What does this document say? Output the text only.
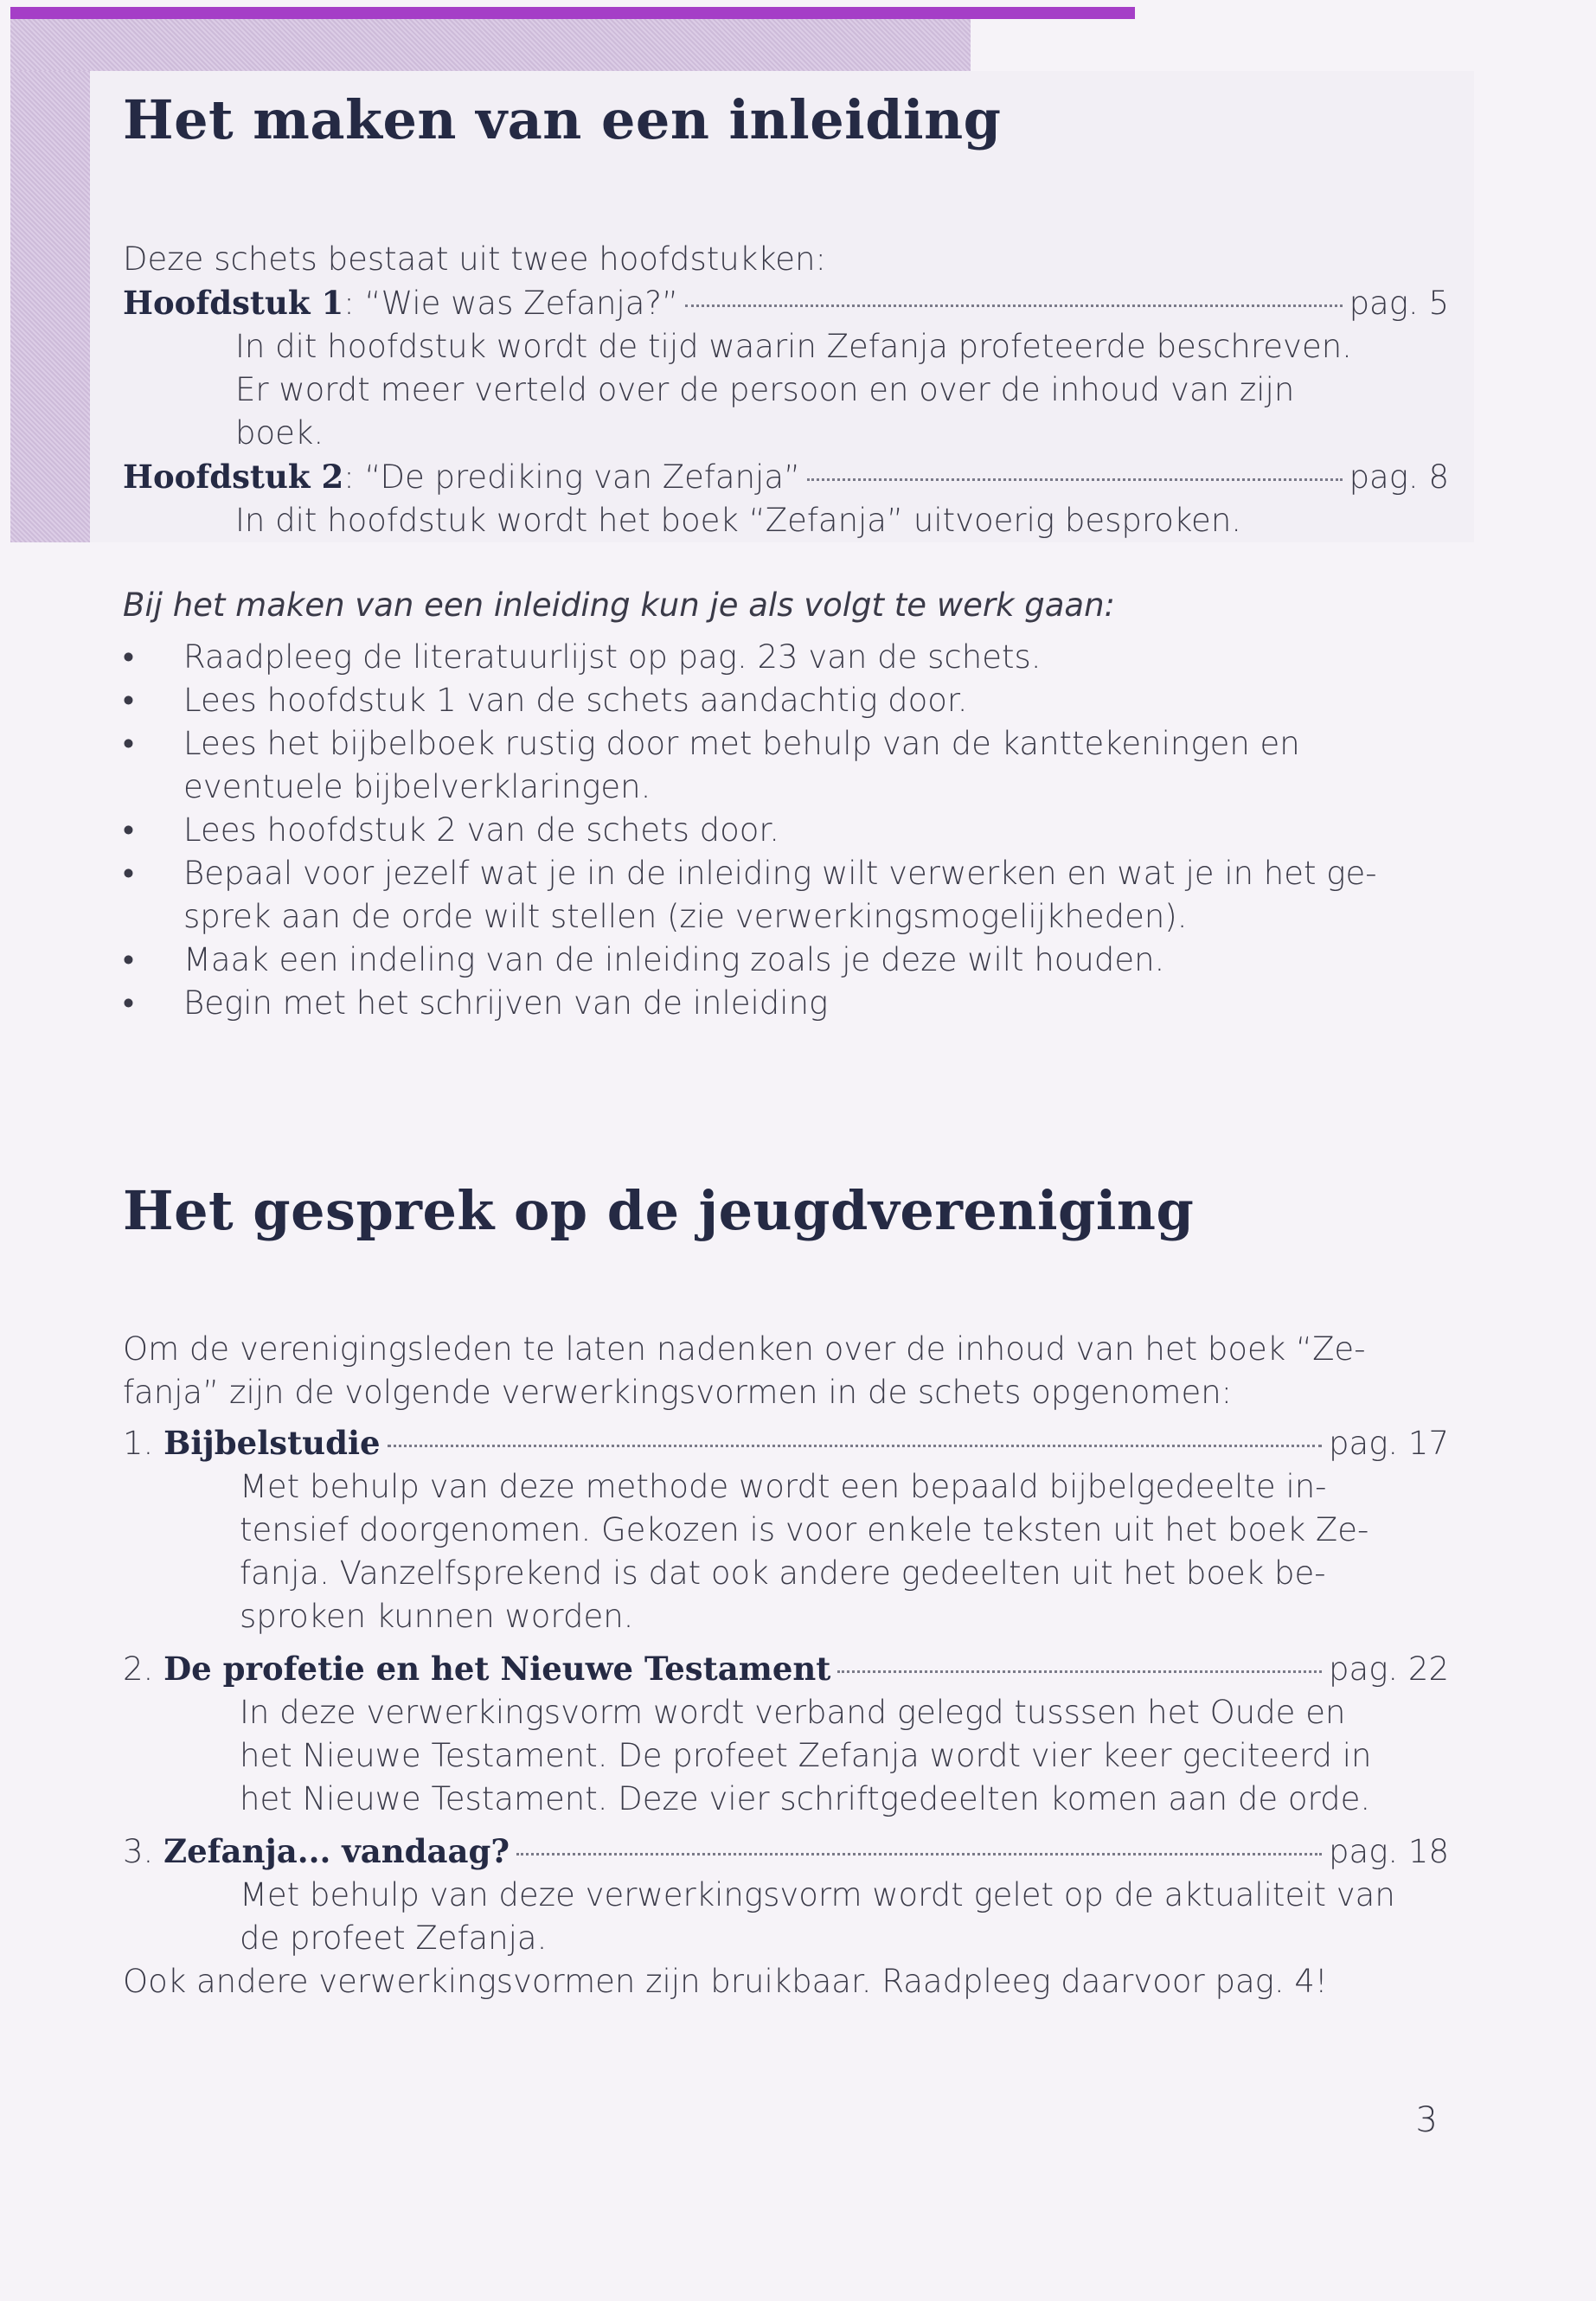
Het maken van een inleiding
Deze schets bestaat uit twee hoofdstukken:
Hoofdstuk 1: “Wie was Zefanja?”	pag. 5
In dit hoofdstuk wordt de tijd waarin Zefanja profeteerde beschreven.
Er wordt meer verteld over de persoon en over de inhoud van zijn
boek.
Hoofdstuk 2: “De prediking van Zefanja”	pag. 8
In dit hoofdstuk wordt het boek “Zefanja” uitvoerig besproken.
Bij het maken van een inleiding kun je als volgt te werk gaan:
• Raadpleeg de literatuurlijst op pag. 23 van de schets.
• Lees hoofdstuk 1 van de schets aandachtig door.
• Lees het bijbelboek rustig door met behulp van de kanttekeningen en
eventuele bijbelverklaringen.
• Lees hoofdstuk 2 van de schets door.
• Bepaal voor jezelf wat je in de inleiding wilt verwerken en wat je in het ge-
sprek aan de orde wilt stellen (zie verwerkingsmogelijkheden).
• Maak een indeling van de inleiding zoals je deze wilt houden.
• Begin met het schrijven van de inleiding
Het gesprek op de jeugdvereniging
Om de verenigingsleden te laten nadenken over de inhoud van het boek “Ze-
fanja” zijn de volgende verwerkingsvormen in de schets opgenomen:
1. Bijbelstudie	pag. 17
Met behulp van deze methode wordt een bepaald bijbelgedeelte in-
tensief doorgenomen. Gekozen is voor enkele teksten uit het boek Ze-
fanja. Vanzelfsprekend is dat ook andere gedeelten uit het boek be-
sproken kunnen worden.
2. De profetie en het Nieuwe Testament	pag. 22
In deze verwerkingsvorm wordt verband gelegd tusssen het Oude en
het Nieuwe Testament. De profeet Zefanja wordt vier keer geciteerd in
het Nieuwe Testament. Deze vier schriftgedeelten komen aan de orde.
3. Zefanja... vandaag?	pag. 18
Met behulp van deze verwerkingsvorm wordt gelet op de aktualiteit van
de profeet Zefanja.
Ook andere verwerkingsvormen zijn bruikbaar. Raadpleeg daarvoor pag. 4!
3
